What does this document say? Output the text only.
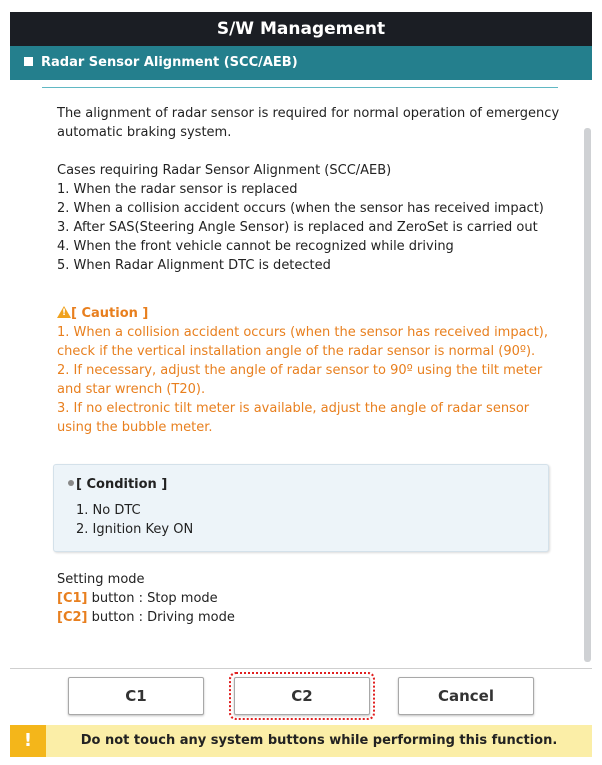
S/W Management
Radar Sensor Alignment (SCC/AEB)
The alignment of radar sensor is required for normal operation of emergency
automatic braking system.
Cases requiring Radar Sensor Alignment (SCC/AEB)
1. When the radar sensor is replaced
2. When a collision accident occurs (when the sensor has received impact)
3. After SAS(Steering Angle Sensor) is replaced and ZeroSet is carried out
4. When the front vehicle cannot be recognized while driving
5. When Radar Alignment DTC is detected
![ Caution ]
1. When a collision accident occurs (when the sensor has received impact),
check if the vertical installation angle of the radar sensor is normal (90º).
2. If necessary, adjust the angle of radar sensor to 90º using the tilt meter
and star wrench (T20).
3. If no electronic tilt meter is available, adjust the angle of radar sensor
using the bubble meter.
[ Condition ]
1. No DTC
2. Ignition Key ON
Setting mode
[C1] button : Stop mode
[C2] button : Driving mode
C1	C2	Cancel
!	Do not touch any system buttons while performing this function.
